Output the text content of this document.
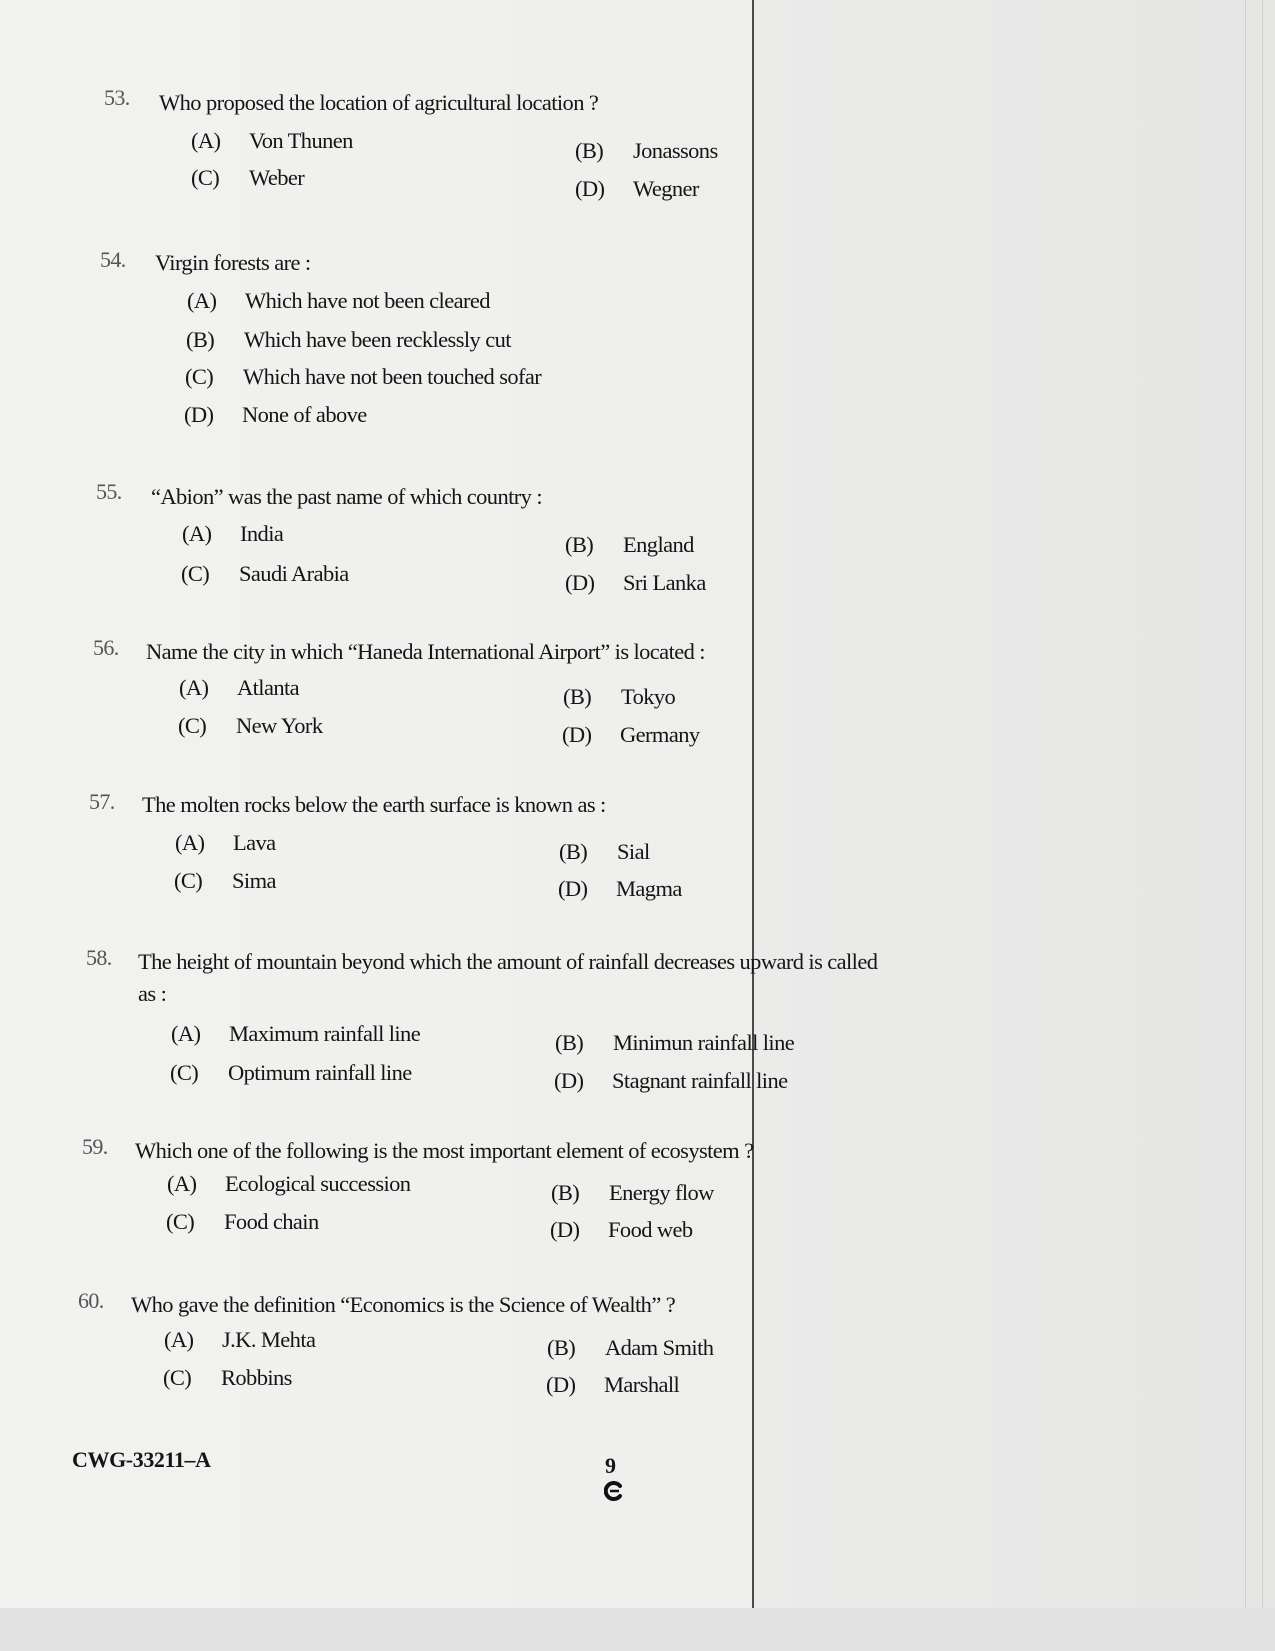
53. Who proposed the location of agricultural location ?
(A) Von Thunen	(B) Jonassons
(C) Weber	(D) Wegner
54. Virgin forests are :
(A) Which have not been cleared
(B) Which have been recklessly cut
(C) Which have not been touched sofar
(D) None of above
55. “Abion” was the past name of which country :
(A) India	(B) England
(C) Saudi Arabia	(D) Sri Lanka
56. Name the city in which “Haneda International Airport” is located :
(A) Atlanta	(B) Tokyo
(C) New York	(D) Germany
57. The molten rocks below the earth surface is known as :
(A) Lava	(B) Sial
(C) Sima	(D) Magma
58. The height of mountain beyond which the amount of rainfall decreases upward is called as :
(A) Maximum rainfall line	(B) Minimun rainfall line
(C) Optimum rainfall line	(D) Stagnant rainfall line
59. Which one of the following is the most important element of ecosystem ?
(A) Ecological succession	(B) Energy flow
(C) Food chain	(D) Food web
60. Who gave the definition “Economics is the Science of Wealth” ?
(A) J.K. Mehta	(B) Adam Smith
(C) Robbins	(D) Marshall
CWG-33211–A	9
